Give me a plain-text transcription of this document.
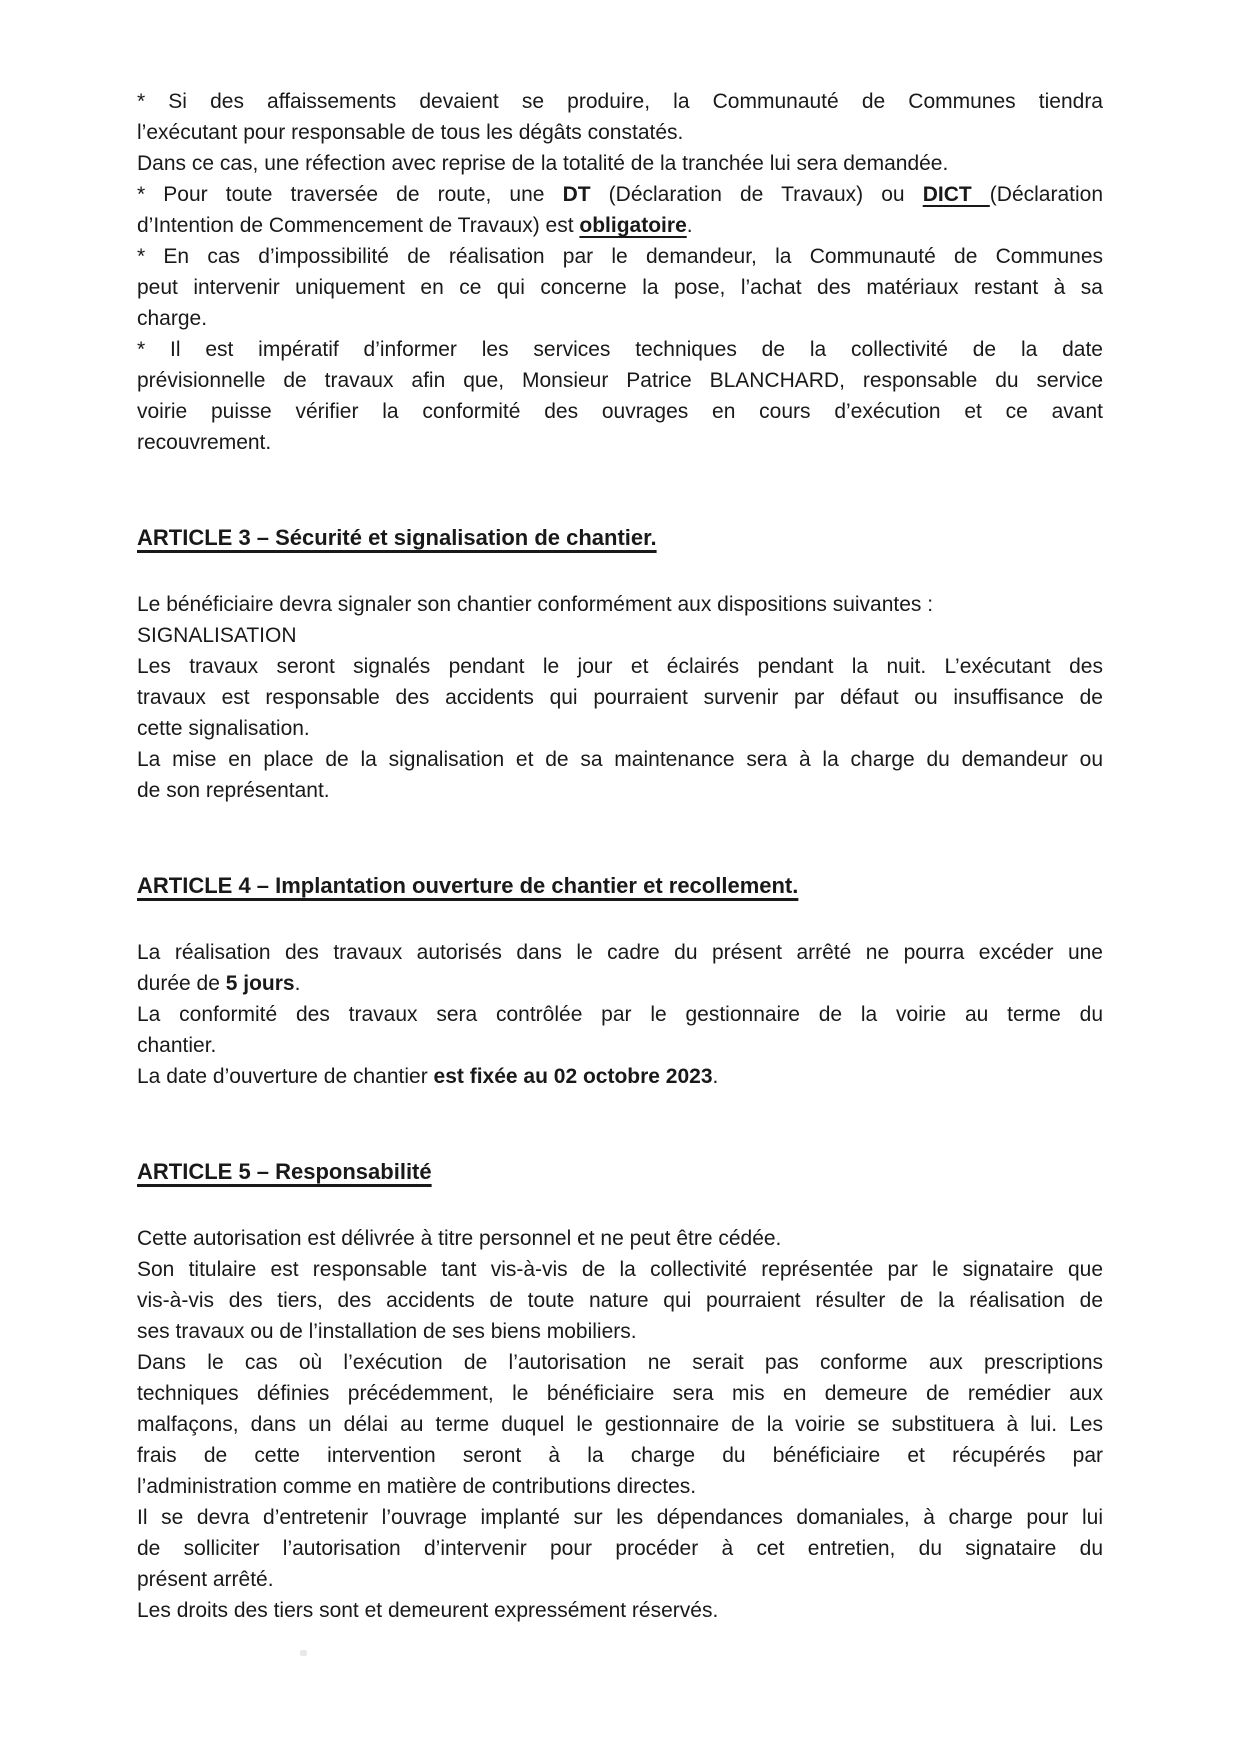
* Si des affaissements devaient se produire, la Communauté de Communes tiendra
l’exécutant pour responsable de tous les dégâts constatés.
Dans ce cas, une réfection avec reprise de la totalité de la tranchée lui sera demandée.
* Pour toute traversée de route, une DT (Déclaration de Travaux) ou DICT (Déclaration
d’Intention de Commencement de Travaux) est obligatoire.
* En cas d’impossibilité de réalisation par le demandeur, la Communauté de Communes
peut intervenir uniquement en ce qui concerne la pose, l’achat des matériaux restant à sa
charge.
* Il est impératif d’informer les services techniques de la collectivité de la date
prévisionnelle de travaux afin que, Monsieur Patrice BLANCHARD, responsable du service
voirie puisse vérifier la conformité des ouvrages en cours d’exécution et ce avant
recouvrement.
ARTICLE 3 – Sécurité et signalisation de chantier.
Le bénéficiaire devra signaler son chantier conformément aux dispositions suivantes :
SIGNALISATION
Les travaux seront signalés pendant le jour et éclairés pendant la nuit. L’exécutant des
travaux est responsable des accidents qui pourraient survenir par défaut ou insuffisance de
cette signalisation.
La mise en place de la signalisation et de sa maintenance sera à la charge du demandeur ou
de son représentant.
ARTICLE 4 – Implantation ouverture de chantier et recollement.
La réalisation des travaux autorisés dans le cadre du présent arrêté ne pourra excéder une
durée de 5 jours.
La conformité des travaux sera contrôlée par le gestionnaire de la voirie au terme du
chantier.
La date d’ouverture de chantier est fixée au 02 octobre 2023.
ARTICLE 5 – Responsabilité
Cette autorisation est délivrée à titre personnel et ne peut être cédée.
Son titulaire est responsable tant vis-à-vis de la collectivité représentée par le signataire que
vis-à-vis des tiers, des accidents de toute nature qui pourraient résulter de la réalisation de
ses travaux ou de l’installation de ses biens mobiliers.
Dans le cas où l’exécution de l’autorisation ne serait pas conforme aux prescriptions
techniques définies précédemment, le bénéficiaire sera mis en demeure de remédier aux
malfaçons, dans un délai au terme duquel le gestionnaire de la voirie se substituera à lui. Les
frais de cette intervention seront à la charge du bénéficiaire et récupérés par
l’administration comme en matière de contributions directes.
Il se devra d’entretenir l’ouvrage implanté sur les dépendances domaniales, à charge pour lui
de solliciter l’autorisation d’intervenir pour procéder à cet entretien, du signataire du
présent arrêté.
Les droits des tiers sont et demeurent expressément réservés.
